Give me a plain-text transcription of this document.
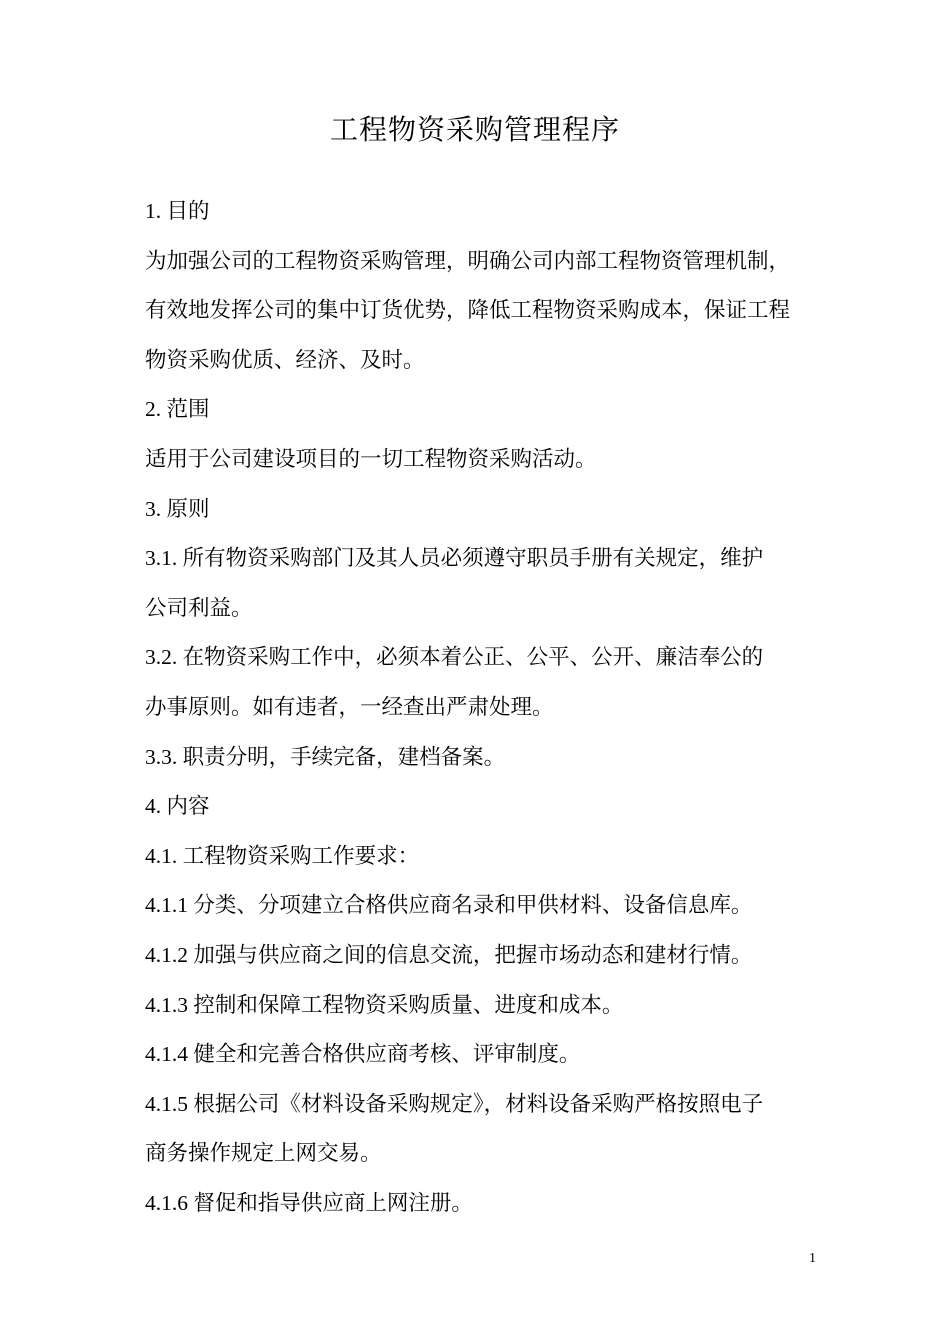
工程物资采购管理程序
1. 目的
为加强公司的工程物资采购管理，明确公司内部工程物资管理机制，
有效地发挥公司的集中订货优势，降低工程物资采购成本，保证工程
物资采购优质、经济、及时。
2. 范围
适用于公司建设项目的一切工程物资采购活动。
3. 原则
3.1. 所有物资采购部门及其人员必须遵守职员手册有关规定，维护
公司利益。
3.2. 在物资采购工作中，必须本着公正、公平、公开、廉洁奉公的
办事原则。如有违者，一经查出严肃处理。
3.3. 职责分明，手续完备，建档备案。
4. 内容
4.1. 工程物资采购工作要求：
4.1.1 分类、分项建立合格供应商名录和甲供材料、设备信息库。
4.1.2 加强与供应商之间的信息交流，把握市场动态和建材行情。
4.1.3 控制和保障工程物资采购质量、进度和成本。
4.1.4 健全和完善合格供应商考核、评审制度。
4.1.5 根据公司《材料设备采购规定》，材料设备采购严格按照电子
商务操作规定上网交易。
4.1.6 督促和指导供应商上网注册。
1
